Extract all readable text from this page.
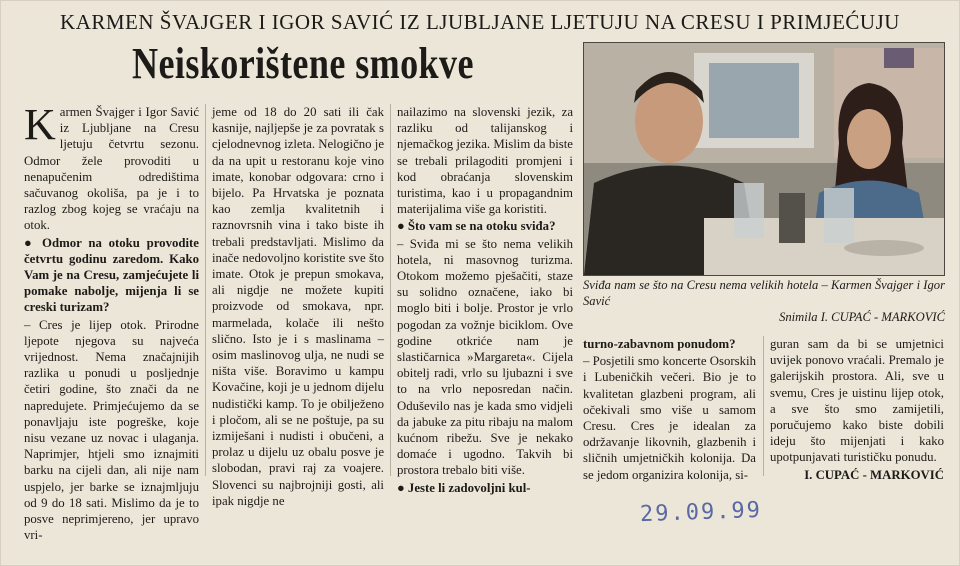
KARMEN ŠVAJGER I IGOR SAVIĆ IZ LJUBLJANE LJETUJU NA CRESU I PRIMJEĆUJU
Neiskorištene smokve

Karmen Švajger i Igor Savić iz Ljubljane na Cresu ljetuju četvrtu sezonu. Odmor žele provoditi u nenapučenim odredištima sačuvanog okoliša, pa je i to razlog zbog kojeg se vraćaju na otok.

● Odmor na otoku provodite četvrtu godinu zaredom. Kako Vam je na Cresu, zamjećujete li pomake nabolje, mijenja li se creski turizam?

– Cres je lijep otok. Prirodne ljepote njegova su najveća vrijednost. Nema značajnijih razlika u ponudi u posljednje četiri godine, što znači da ne napredujete. Primjećujemo da se ponavljaju iste pogreške, koje nisu vezane uz novac i ulaganja. Naprimjer, htjeli smo iznajmiti barku na cijeli dan, ali nije nam uspjelo, jer barke se iznajmljuju od 9 do 18 sati. Mislimo da je to posve neprimjereno, jer upravo vri-

jeme od 18 do 20 sati ili čak kasnije, najljepše je za povratak s cjelodnevnog izleta. Nelogično je da na upit u restoranu koje vino imate, konobar odgovara: crno i bijelo. Pa Hrvatska je poznata kao zemlja kvalitetnih i raznovrsnih vina i tako biste ih trebali predstavljati. Mislimo da inače nedovoljno koristite sve što imate. Otok je prepun smokava, ali nigdje ne možete kupiti proizvode od smokava, npr. marmelada, kolače ili nešto slično. Isto je i s maslinama – osim maslinovog ulja, ne nudi se ništa više. Boravimo u kampu Kovačine, koji je u jednom dijelu nudistički kamp. To je obilježeno i pločom, ali se ne poštuje, pa su izmiješani i nudisti i obučeni, a prolaz u dijelu uz obalu posve je slobodan, pravi raj za voajere. Slovenci su najbrojniji gosti, ali ipak nigdje ne

nailazimo na slovenski jezik, za razliku od talijanskog i njemačkog jezika. Mislim da biste se trebali prilagoditi promjeni i kod obraćanja slovenskim turistima, kao i u propagandnim materijalima više ga koristiti.

● Što vam se na otoku sviđa?

– Sviđa mi se što nema velikih hotela, ni masovnog turizma. Otokom možemo pješačiti, staze su solidno označene, iako bi moglo biti i bolje. Prostor je vrlo pogodan za vožnje biciklom. Ove godine otkriće nam je slastičarnica »Margareta«. Cijela obitelj radi, vrlo su ljubazni i sve to na vrlo neposredan način. Oduševilo nas je kada smo vidjeli da jabuke za pitu ribaju na malom kućnom ribežu. Sve je nekako domaće i ugodno. Takvih bi prostora trebalo biti više.

● Jeste li zadovoljni kul-

Sviđa nam se što na Cresu nema velikih hotela – Karmen Švajger i Igor Savić
Snimila I. CUPAĆ - MARKOVIĆ

turno-zabavnom ponudom?

– Posjetili smo koncerte Osorskih i Lubeničkih večeri. Bio je to kvalitetan glazbeni program, ali očekivali smo više u samom Cresu. Cres je idealan za održavanje likovnih, glazbenih i sličnih umjetničkih kolonija. Da se jedom organizira kolonija, si-

guran sam da bi se umjetnici uvijek ponovo vraćali. Premalo je galerijskih prostora. Ali, sve u svemu, Cres je uistinu lijep otok, a sve što smo zamijetili, poručujemo kako biste dobili ideju što mijenjati i kako upotpunjavati turističku ponudu.

I. CUPAĆ - MARKOVIĆ

29.09.99
